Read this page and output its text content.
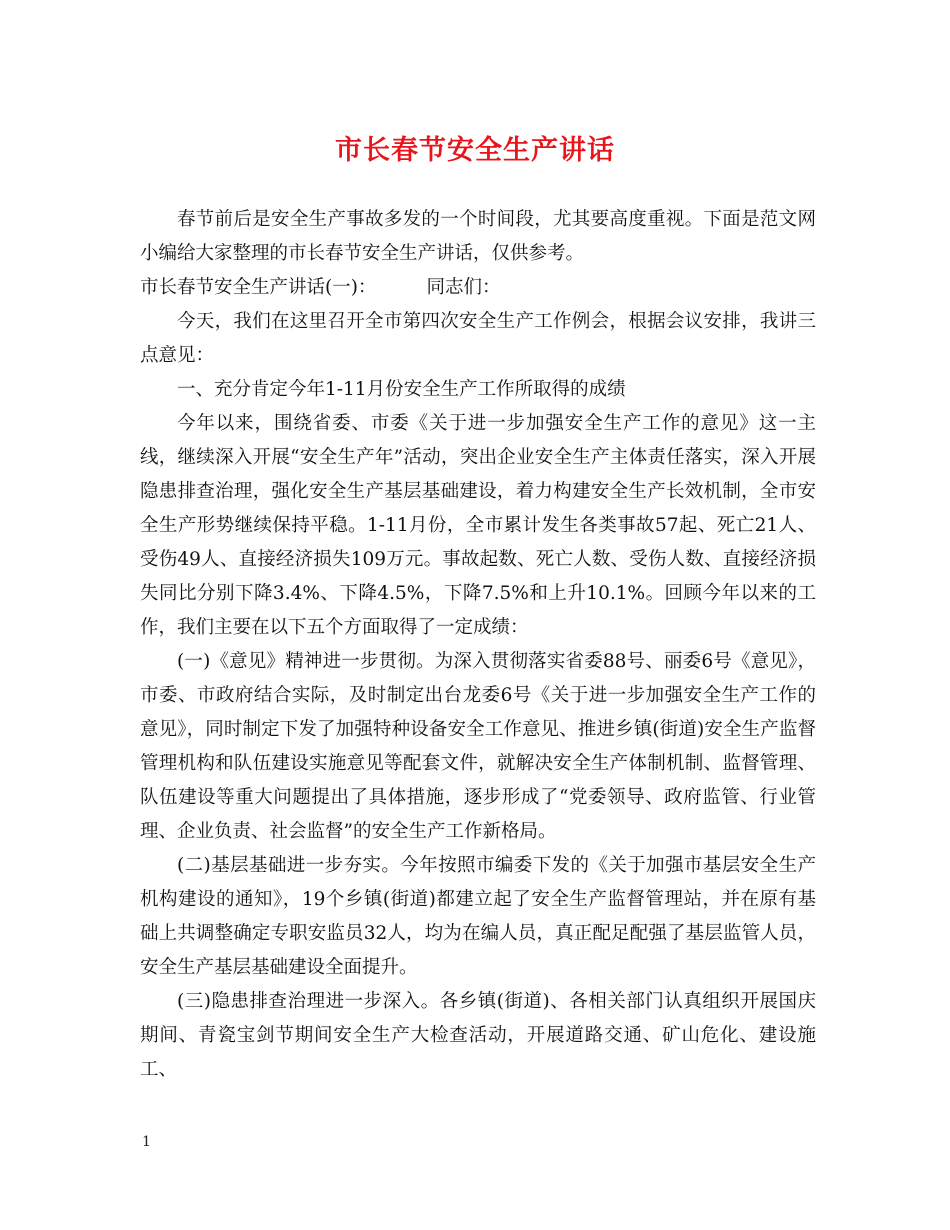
市长春节安全生产讲话

春节前后是安全生产事故多发的一个时间段，尤其要高度重视。下面是范文网小编给大家整理的市长春节安全生产讲话，仅供参考。

市长春节安全生产讲话(一)：	同志们：

今天，我们在这里召开全市第四次安全生产工作例会，根据会议安排，我讲三点意见：

一、充分肯定今年1-11月份安全生产工作所取得的成绩

今年以来，围绕省委、市委《关于进一步加强安全生产工作的意见》这一主线，继续深入开展“安全生产年”活动，突出企业安全生产主体责任落实，深入开展隐患排查治理，强化安全生产基层基础建设，着力构建安全生产长效机制，全市安全生产形势继续保持平稳。1-11月份，全市累计发生各类事故57起、死亡21人、受伤49人、直接经济损失109万元。事故起数、死亡人数、受伤人数、直接经济损失同比分别下降3.4%、下降4.5%，下降7.5%和上升10.1%。回顾今年以来的工作，我们主要在以下五个方面取得了一定成绩：

(一)《意见》精神进一步贯彻。为深入贯彻落实省委88号、丽委6号《意见》，市委、市政府结合实际，及时制定出台龙委6号《关于进一步加强安全生产工作的意见》，同时制定下发了加强特种设备安全工作意见、推进乡镇(街道)安全生产监督管理机构和队伍建设实施意见等配套文件，就解决安全生产体制机制、监督管理、队伍建设等重大问题提出了具体措施，逐步形成了“党委领导、政府监管、行业管理、企业负责、社会监督”的安全生产工作新格局。

(二)基层基础进一步夯实。今年按照市编委下发的《关于加强市基层安全生产机构建设的通知》，19个乡镇(街道)都建立起了安全生产监督管理站，并在原有基础上共调整确定专职安监员32人，均为在编人员，真正配足配强了基层监管人员，安全生产基层基础建设全面提升。

(三)隐患排查治理进一步深入。各乡镇(街道)、各相关部门认真组织开展国庆期间、青瓷宝剑节期间安全生产大检查活动，开展道路交通、矿山危化、建设施工、

1
